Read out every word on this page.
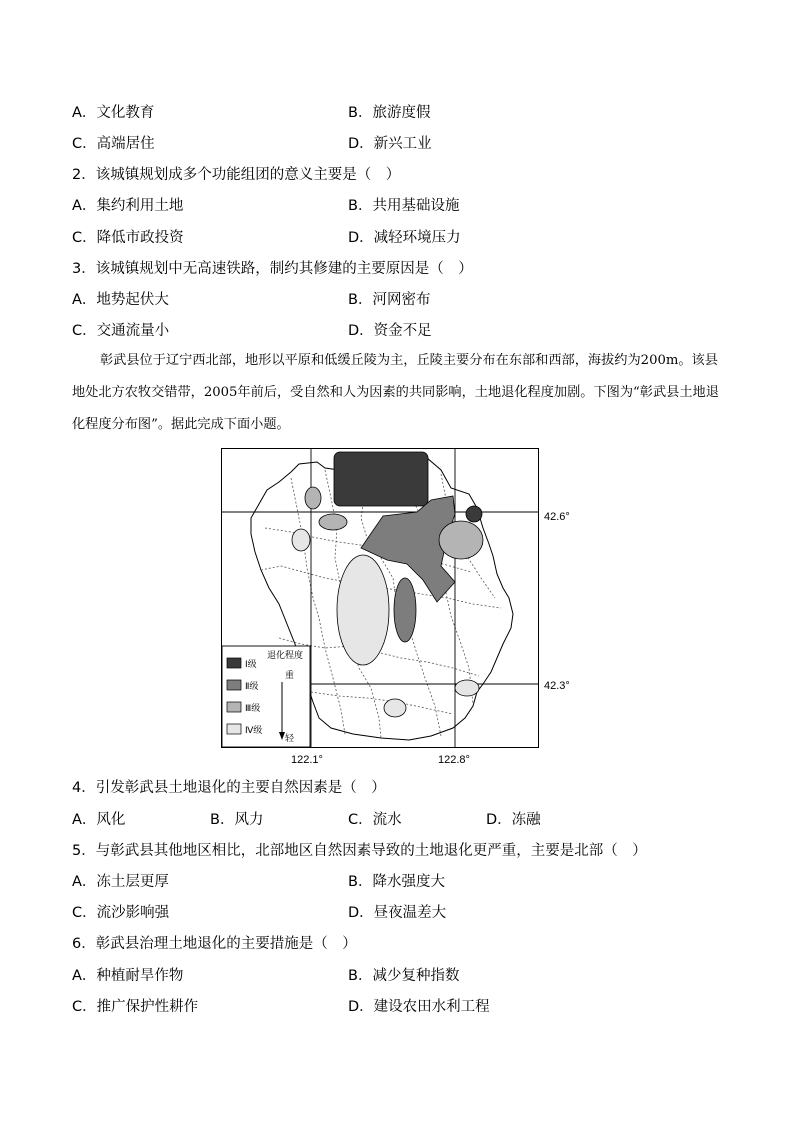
A．文化教育	B．旅游度假
C．高端居住	D．新兴工业
2．该城镇规划成多个功能组团的意义主要是（　）
A．集约利用土地	B．共用基础设施
C．降低市政投资	D．减轻环境压力
3．该城镇规划中无高速铁路，制约其修建的主要原因是（　）
A．地势起伏大	B．河网密布
C．交通流量小	D．资金不足
彰武县位于辽宁西北部，地形以平原和低缓丘陵为主，丘陵主要分布在东部和西部，海拔约为200m。该县地处北方农牧交错带，2005年前后，受自然和人为因素的共同影响，土地退化程度加剧。下图为“彰武县土地退化程度分布图”。据此完成下面小题。
退化程度
Ⅰ级
Ⅱ级
Ⅲ级
Ⅳ级
重
轻
42.6°
42.3°
122.1°	122.8°
4．引发彰武县土地退化的主要自然因素是（　）
A．风化	B．风力	C．流水	D．冻融
5．与彰武县其他地区相比，北部地区自然因素导致的土地退化更严重，主要是北部（　）
A．冻土层更厚	B．降水强度大
C．流沙影响强	D．昼夜温差大
6．彰武县治理土地退化的主要措施是（　）
A．种植耐旱作物	B．减少复种指数
C．推广保护性耕作	D．建设农田水利工程
